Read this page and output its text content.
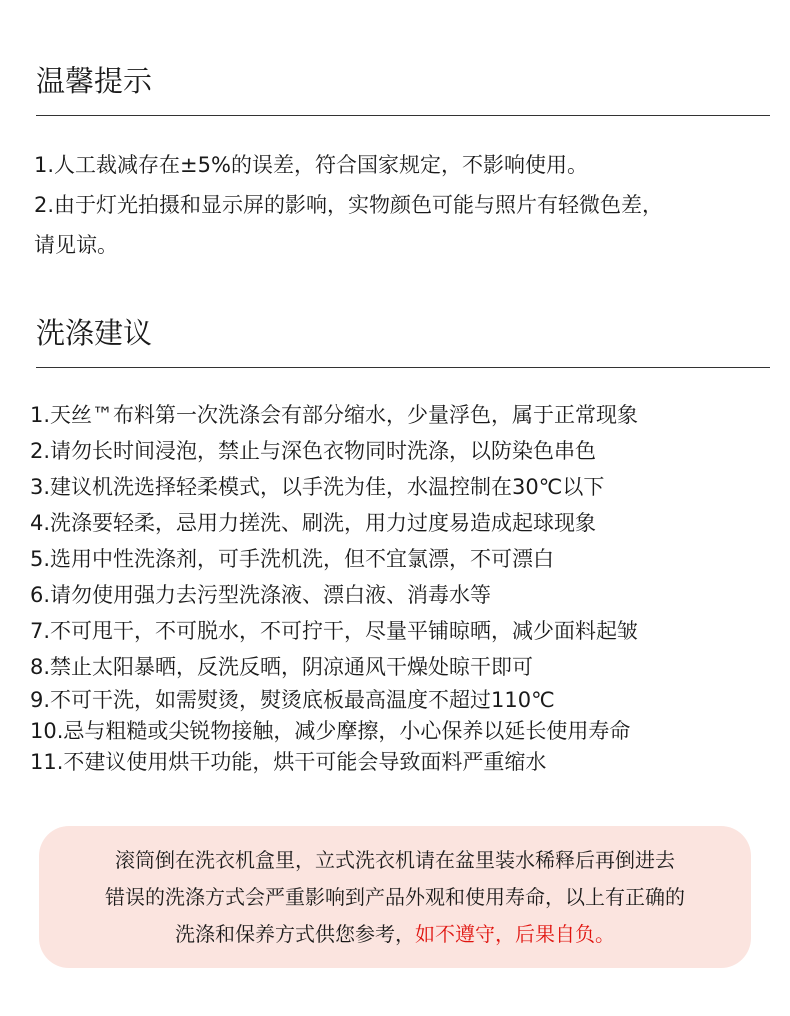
温馨提示
1.人工裁减存在±5%的误差，符合国家规定，不影响使用。
2.由于灯光拍摄和显示屏的影响，实物颜色可能与照片有轻微色差，
请见谅。
洗涤建议
1.天丝™布料第一次洗涤会有部分缩水，少量浮色，属于正常现象
2.请勿长时间浸泡，禁止与深色衣物同时洗涤，以防染色串色
3.建议机洗选择轻柔模式，以手洗为佳，水温控制在30℃以下
4.洗涤要轻柔，忌用力搓洗、刷洗，用力过度易造成起球现象
5.选用中性洗涤剂，可手洗机洗，但不宜氯漂，不可漂白
6.请勿使用强力去污型洗涤液、漂白液、消毒水等
7.不可甩干，不可脱水，不可拧干，尽量平铺晾晒，减少面料起皱
8.禁止太阳暴晒，反洗反晒，阴凉通风干燥处晾干即可
9.不可干洗，如需熨烫，熨烫底板最高温度不超过110℃
10.忌与粗糙或尖锐物接触，减少摩擦，小心保养以延长使用寿命
11.不建议使用烘干功能，烘干可能会导致面料严重缩水
滚筒倒在洗衣机盒里，立式洗衣机请在盆里装水稀释后再倒进去
错误的洗涤方式会严重影响到产品外观和使用寿命，以上有正确的
洗涤和保养方式供您参考，如不遵守，后果自负。
